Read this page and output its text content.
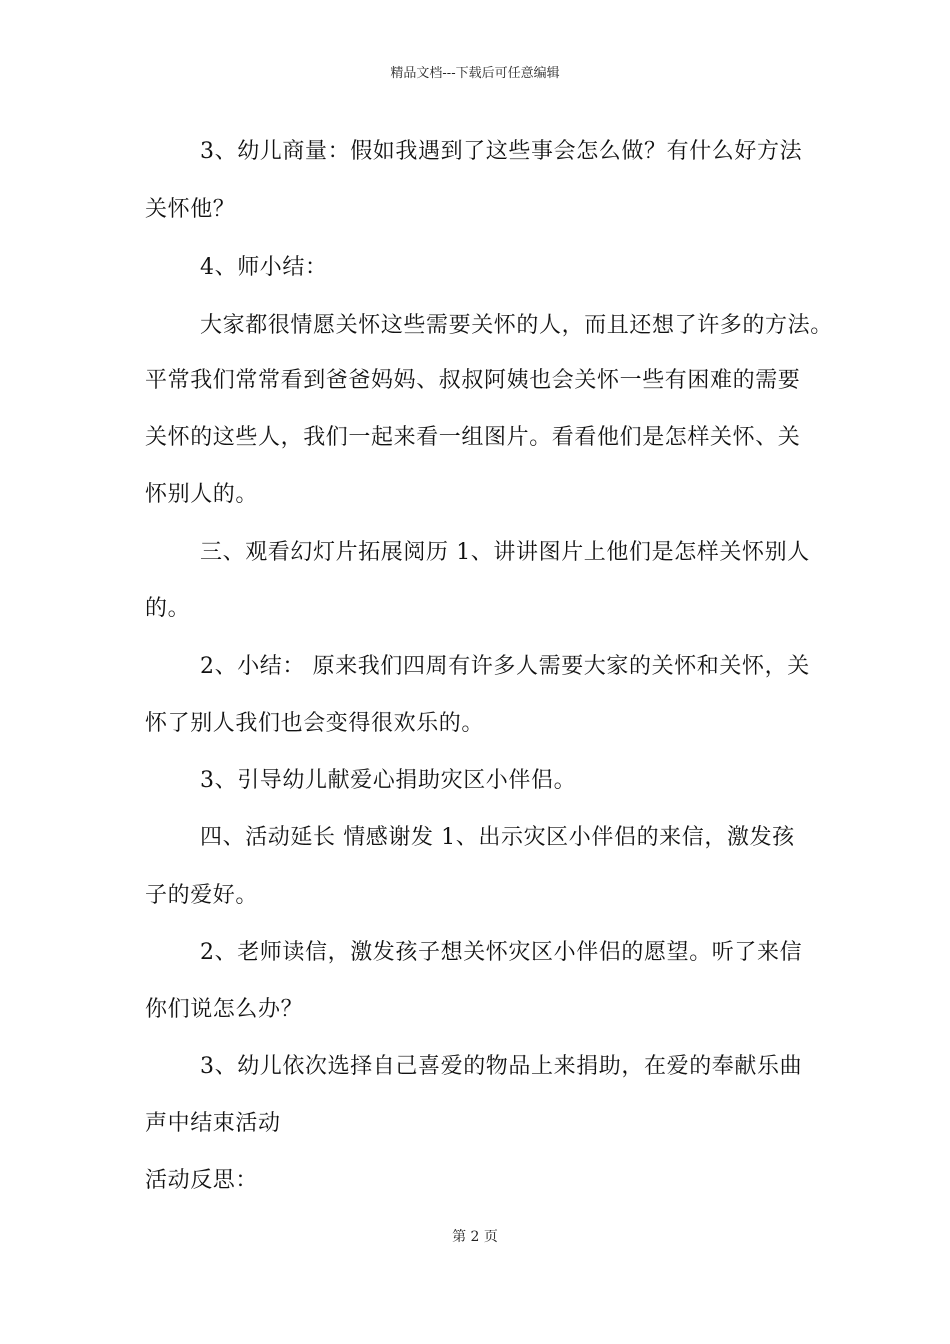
精品文档---下载后可任意编辑
3、幼儿商量：假如我遇到了这些事会怎么做？有什么好方法
关怀他？
4、师小结：
大家都很情愿关怀这些需要关怀的人，而且还想了许多的方法。
平常我们常常看到爸爸妈妈、叔叔阿姨也会关怀一些有困难的需要
关怀的这些人，我们一起来看一组图片。看看他们是怎样关怀、关
怀别人的。
三、观看幻灯片拓展阅历 1、讲讲图片上他们是怎样关怀别人
的。
2、小结： 原来我们四周有许多人需要大家的关怀和关怀，关
怀了别人我们也会变得很欢乐的。
3、引导幼儿献爱心捐助灾区小伴侣。
四、活动延长 情感谢发 1、出示灾区小伴侣的来信，激发孩
子的爱好。
2、老师读信，激发孩子想关怀灾区小伴侣的愿望。听了来信
你们说怎么办？
3、幼儿依次选择自己喜爱的物品上来捐助，在爱的奉献乐曲
声中结束活动
活动反思：
第 2 页
